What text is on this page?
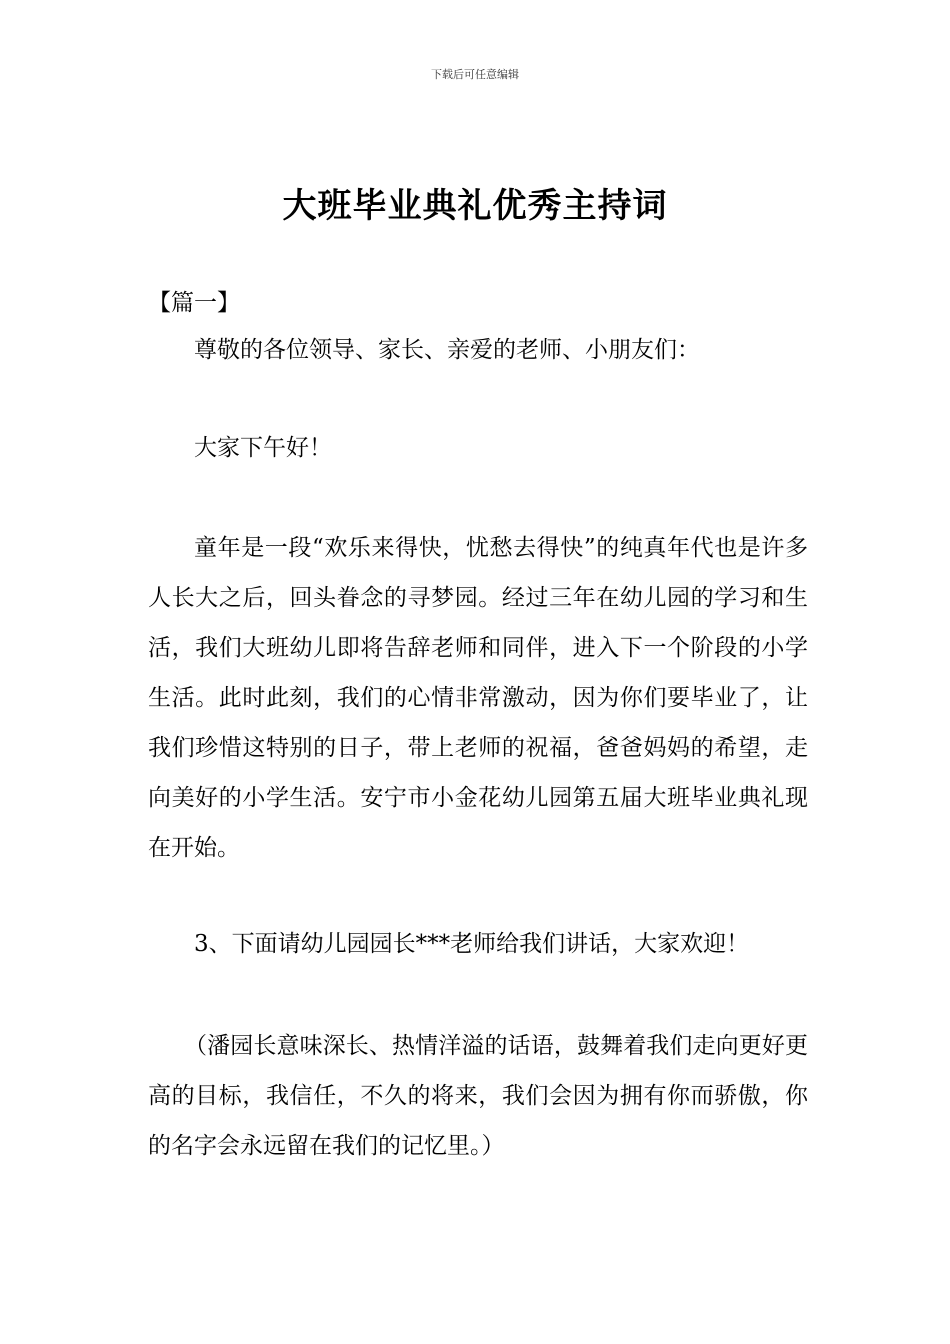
下载后可任意编辑
大班毕业典礼优秀主持词
【篇一】

尊敬的各位领导、家长、亲爱的老师、小朋友们：

大家下午好！

童年是一段“欢乐来得快，忧愁去得快”的纯真年代也是许多人长大之后，回头眷念的寻梦园。经过三年在幼儿园的学习和生活，我们大班幼儿即将告辞老师和同伴，进入下一个阶段的小学生活。此时此刻，我们的心情非常激动，因为你们要毕业了，让我们珍惜这特别的日子，带上老师的祝福，爸爸妈妈的希望，走向美好的小学生活。安宁市小金花幼儿园第五届大班毕业典礼现在开始。

3、下面请幼儿园园长***老师给我们讲话，大家欢迎！

（潘园长意味深长、热情洋溢的话语，鼓舞着我们走向更好更高的目标，我信任，不久的将来，我们会因为拥有你而骄傲，你的名字会永远留在我们的记忆里。）
